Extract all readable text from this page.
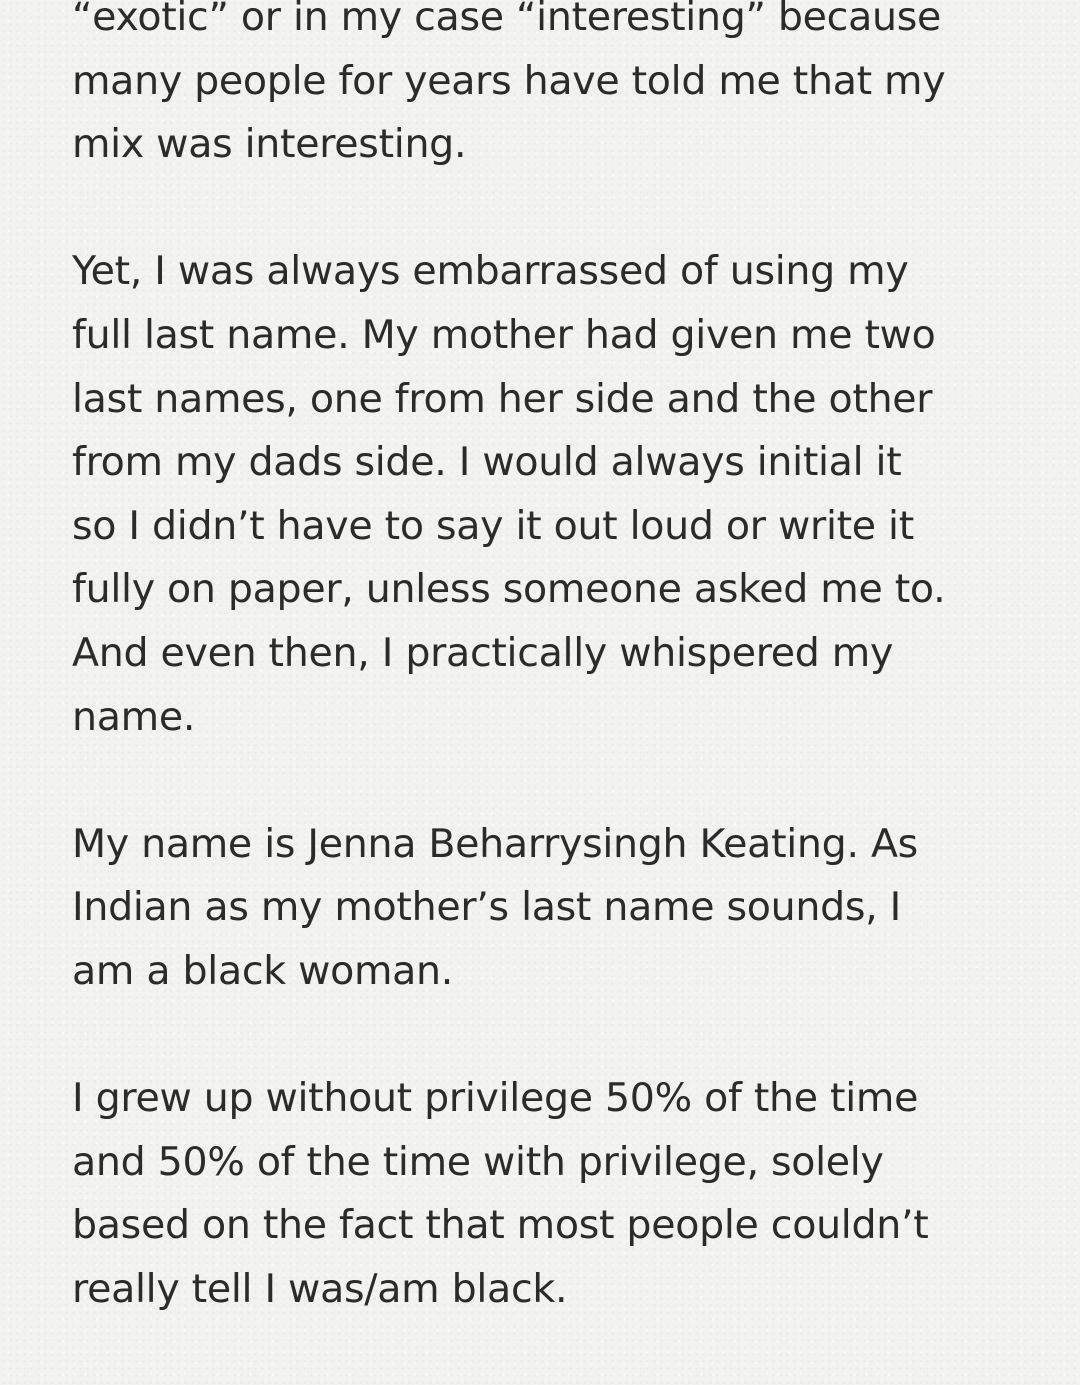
“exotic” or in my case “interesting” because
many people for years have told me that my
mix was interesting.

Yet, I was always embarrassed of using my
full last name. My mother had given me two
last names, one from her side and the other
from my dads side. I would always initial it
so I didn’t have to say it out loud or write it
fully on paper, unless someone asked me to.
And even then, I practically whispered my
name.

My name is Jenna Beharrysingh Keating. As
Indian as my mother’s last name sounds, I
am a black woman.

I grew up without privilege 50% of the time
and 50% of the time with privilege, solely
based on the fact that most people couldn’t
really tell I was/am black.
